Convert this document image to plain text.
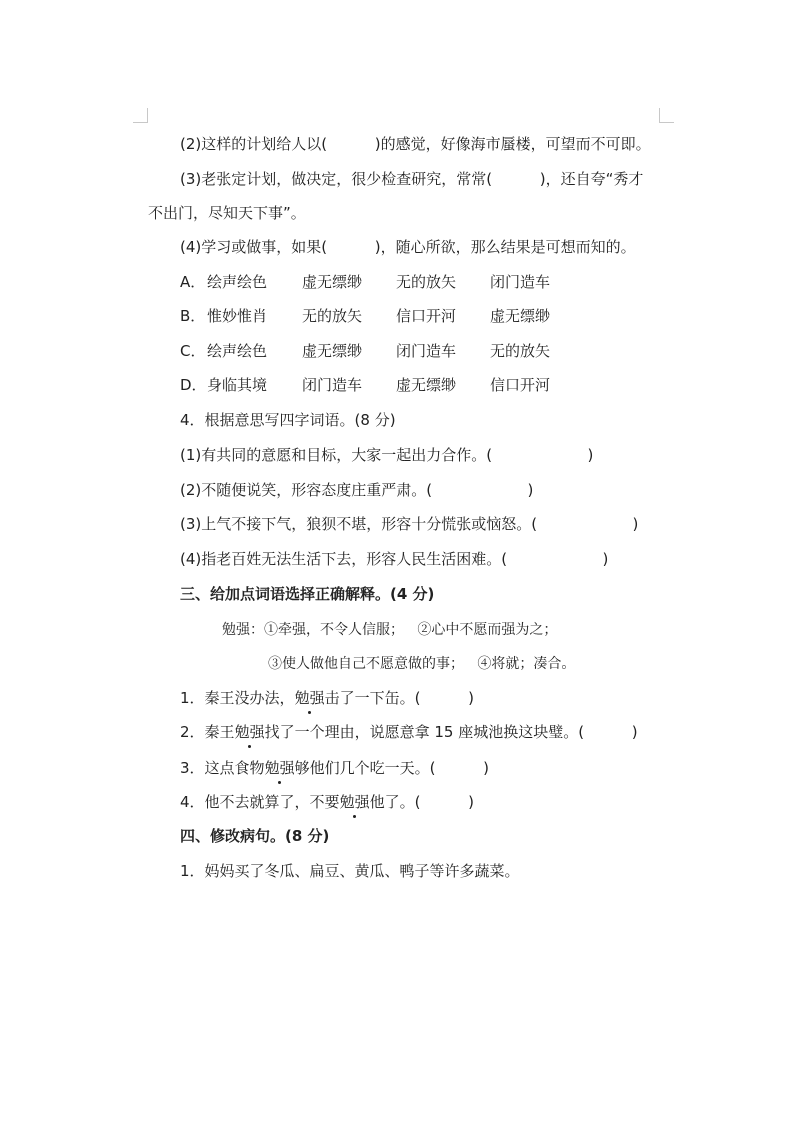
(2)这样的计划给人以(          )的感觉，好像海市蜃楼，可望而不可即。
(3)老张定计划，做决定，很少检查研究，常常(          )，还自夸“秀才
不出门，尽知天下事”。
(4)学习或做事，如果(          )，随心所欲，那么结果是可想而知的。
A． 绘声绘色 虚无缥缈 无的放矢 闭门造车
B． 惟妙惟肖 无的放矢 信口开河 虚无缥缈
C． 绘声绘色 虚无缥缈 闭门造车 无的放矢
D． 身临其境 闭门造车 虚无缥缈 信口开河
4．根据意思写四字词语。(8 分)
(1)有共同的意愿和目标，大家一起出力合作。(                    )
(2)不随便说笑，形容态度庄重严肃。(                    )
(3)上气不接下气，狼狈不堪，形容十分慌张或恼怒。(                    )
(4)指老百姓无法生活下去，形容人民生活困难。(                    )
三、给加点词语选择正确解释。(4 分)
勉强：①牵强，不令人信服；   ②心中不愿而强为之；
③使人做他自己不愿意做的事；   ④将就；凑合。
1．秦王没办法，勉强击了一下缶。(          )
2．秦王勉强找了一个理由，说愿意拿 15 座城池换这块璧。(          )
3．这点食物勉强够他们几个吃一天。(          )
4．他不去就算了，不要勉强他了。(          )
四、修改病句。(8 分)
1．妈妈买了冬瓜、扁豆、黄瓜、鸭子等许多蔬菜。
